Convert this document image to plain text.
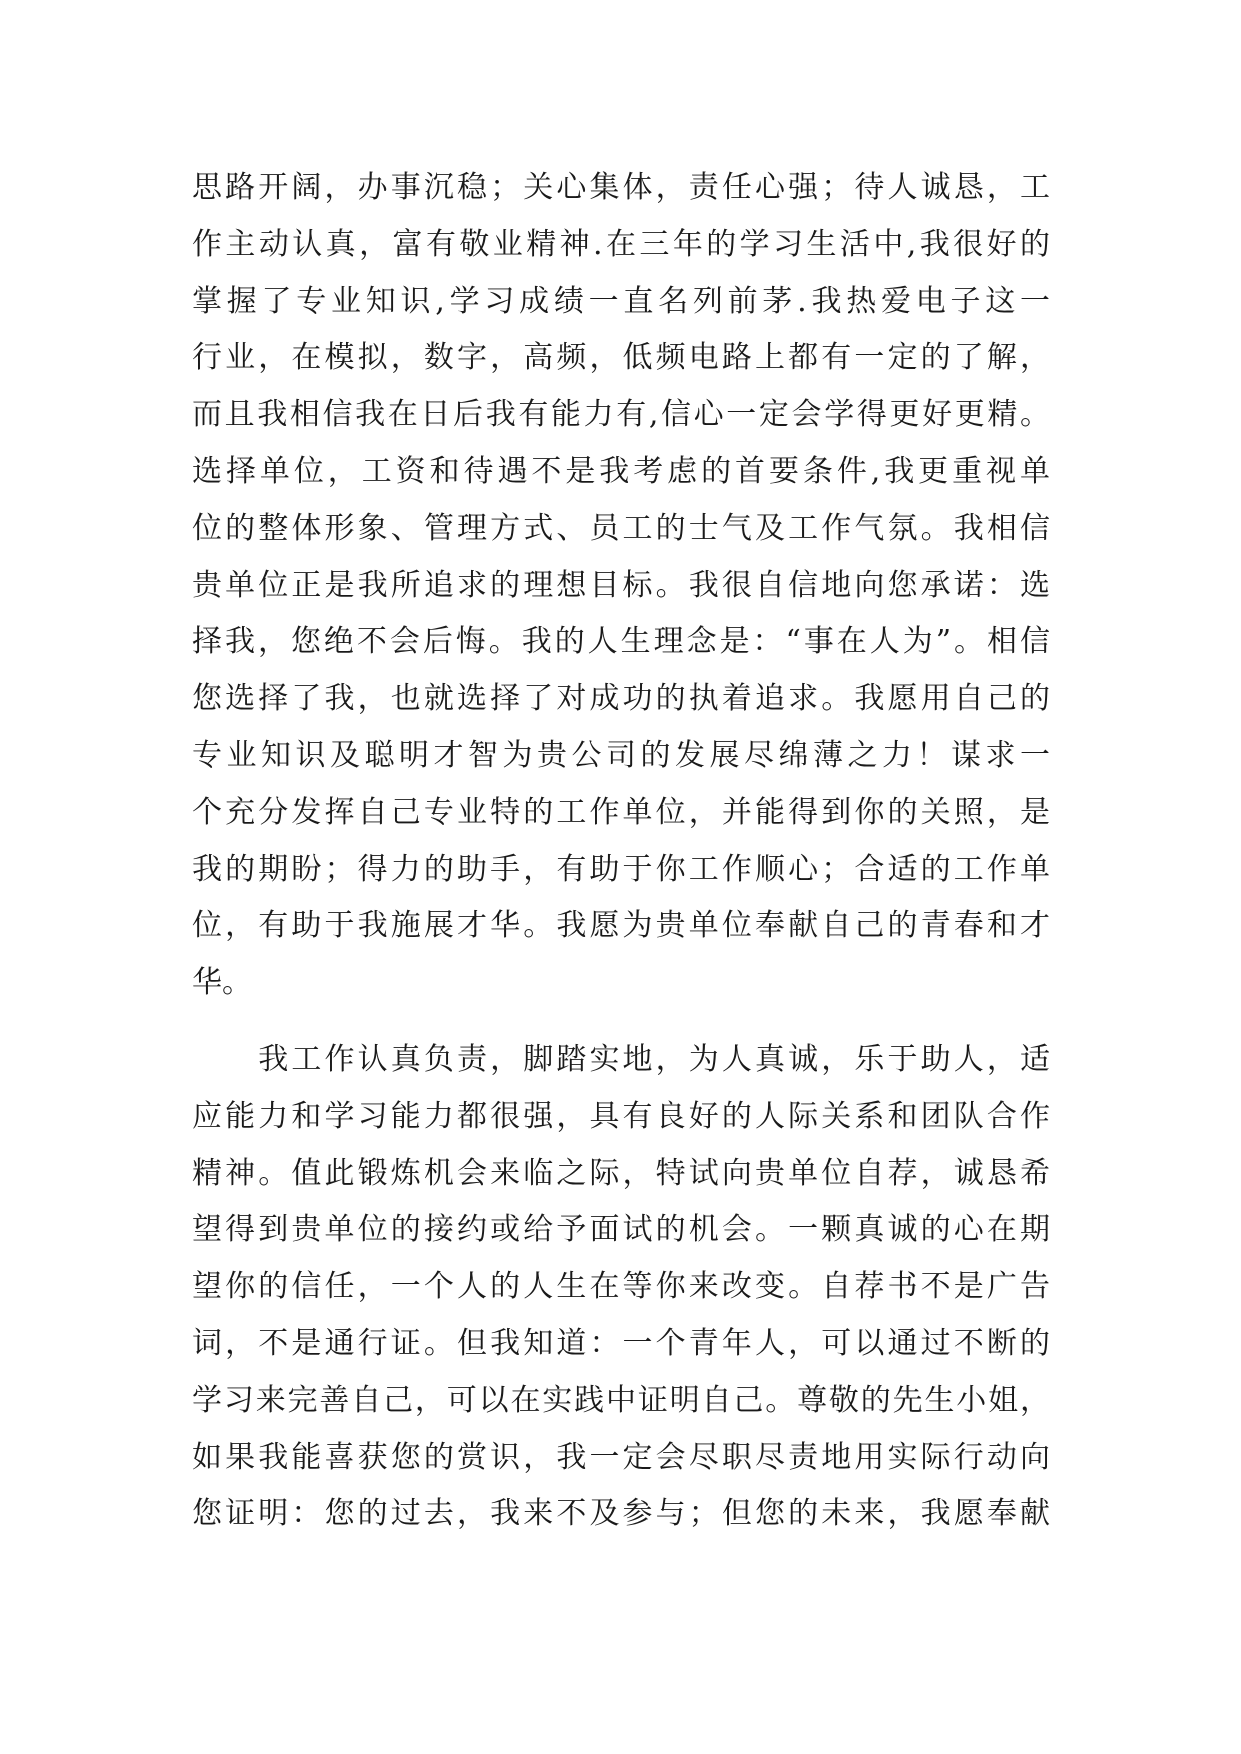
思路开阔，办事沉稳；关心集体，责任心强；待人诚恳，工
作主动认真，富有敬业精神.在三年的学习生活中,我很好的
掌握了专业知识,学习成绩一直名列前茅.我热爱电子这一
行业，在模拟，数字，高频，低频电路上都有一定的了解，
而且我相信我在日后我有能力有,信心一定会学得更好更精。
选择单位，工资和待遇不是我考虑的首要条件,我更重视单
位的整体形象、管理方式、员工的士气及工作气氛。我相信
贵单位正是我所追求的理想目标。我很自信地向您承诺：选
择我，您绝不会后悔。我的人生理念是：“事在人为”。相信
您选择了我，也就选择了对成功的执着追求。我愿用自己的
专业知识及聪明才智为贵公司的发展尽绵薄之力！谋求一
个充分发挥自己专业特的工作单位，并能得到你的关照，是
我的期盼；得力的助手，有助于你工作顺心；合适的工作单
位，有助于我施展才华。我愿为贵单位奉献自己的青春和才
华。
　　我工作认真负责，脚踏实地，为人真诚，乐于助人，适
应能力和学习能力都很强，具有良好的人际关系和团队合作
精神。值此锻炼机会来临之际，特试向贵单位自荐，诚恳希
望得到贵单位的接约或给予面试的机会。一颗真诚的心在期
望你的信任，一个人的人生在等你来改变。自荐书不是广告
词，不是通行证。但我知道：一个青年人，可以通过不断的
学习来完善自己，可以在实践中证明自己。尊敬的先生小姐，
如果我能喜获您的赏识，我一定会尽职尽责地用实际行动向
您证明：您的过去，我来不及参与；但您的未来，我愿奉献
